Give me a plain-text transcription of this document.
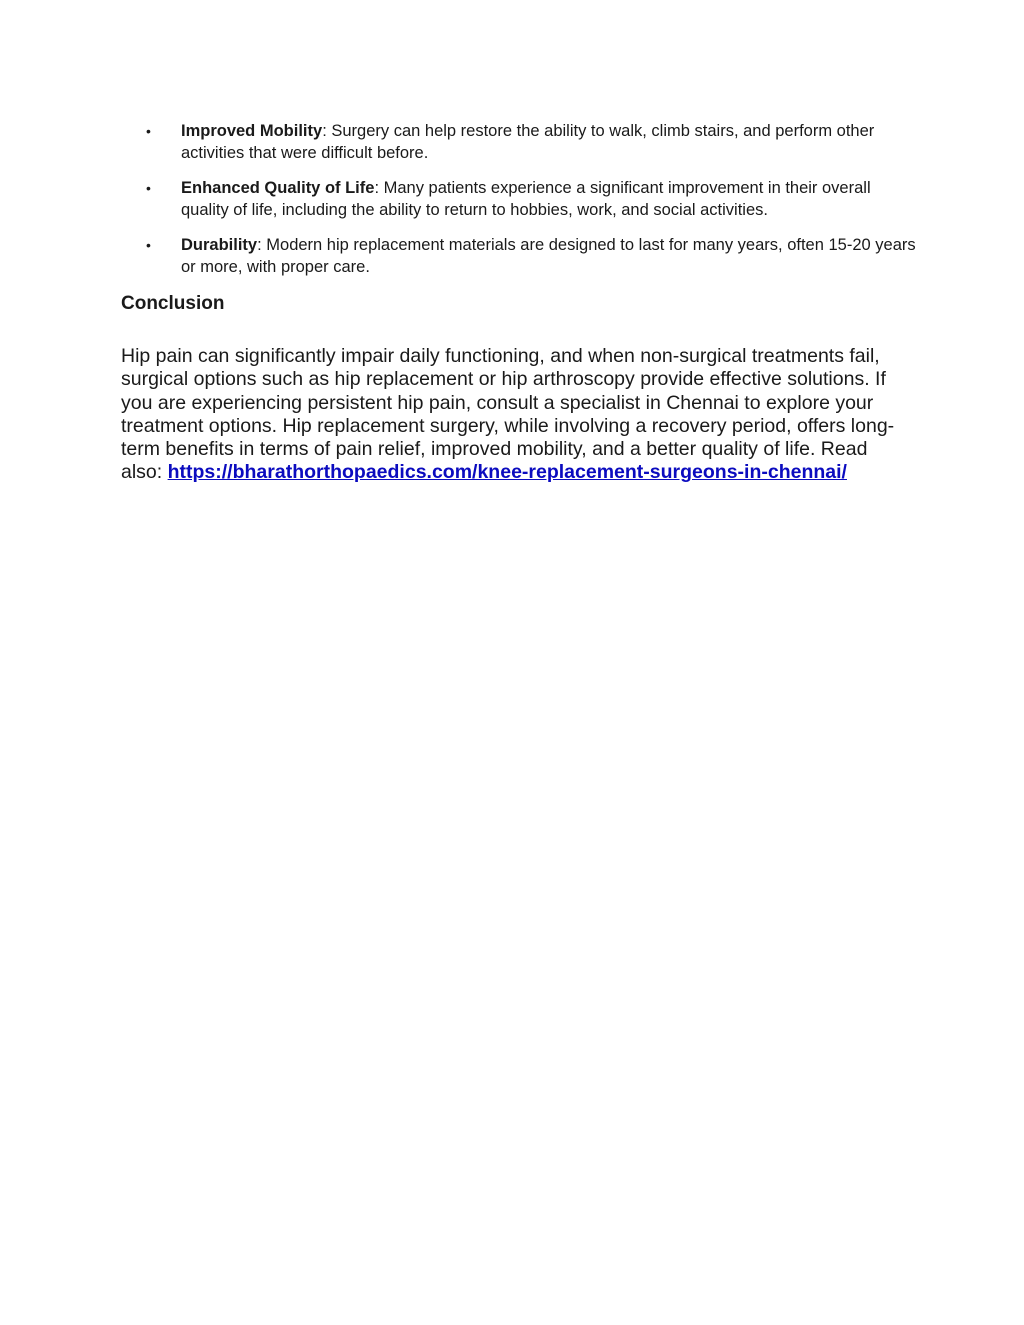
• Improved Mobility: Surgery can help restore the ability to walk, climb stairs, and perform other activities that were difficult before.
• Enhanced Quality of Life: Many patients experience a significant improvement in their overall quality of life, including the ability to return to hobbies, work, and social activities.
• Durability: Modern hip replacement materials are designed to last for many years, often 15-20 years or more, with proper care.
Conclusion

Hip pain can significantly impair daily functioning, and when non-surgical treatments fail, surgical options such as hip replacement or hip arthroscopy provide effective solutions. If you are experiencing persistent hip pain, consult a specialist in Chennai to explore your treatment options. Hip replacement surgery, while involving a recovery period, offers long-term benefits in terms of pain relief, improved mobility, and a better quality of life. Read also: https://bharathorthopaedics.com/knee-replacement-surgeons-in-chennai/
